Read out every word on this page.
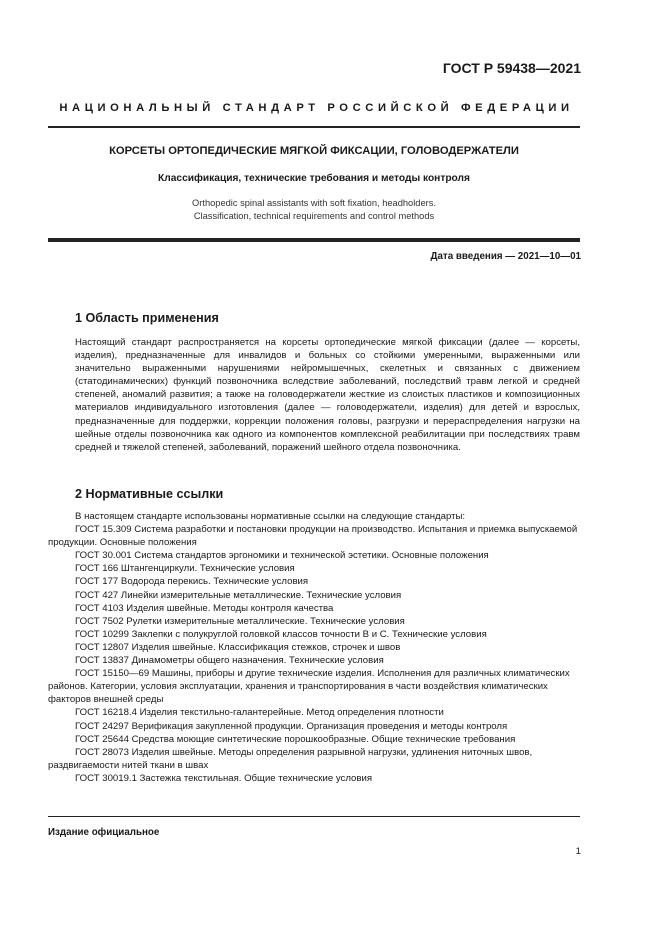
ГОСТ Р 59438—2021
НАЦИОНАЛЬНЫЙ СТАНДАРТ РОССИЙСКОЙ ФЕДЕРАЦИИ
КОРСЕТЫ ОРТОПЕДИЧЕСКИЕ МЯГКОЙ ФИКСАЦИИ, ГОЛОВОДЕРЖАТЕЛИ
Классификация, технические требования и методы контроля
Orthopedic spinal assistants with soft fixation, headholders.
Classification, technical requirements and control methods
Дата введения — 2021—10—01
1 Область применения
Настоящий стандарт распространяется на корсеты ортопедические мягкой фиксации (далее — корсеты, изделия), предназначенные для инвалидов и больных со стойкими умеренными, выраженными или значительно выраженными нарушениями нейромышечных, скелетных и связанных с движением (статодинамических) функций позвоночника вследствие заболеваний, последствий травм легкой и средней степеней, аномалий развития; а также на головодержатели жесткие из слоистых пластиков и композиционных материалов индивидуального изготовления (далее — головодержатели, изделия) для детей и взрослых, предназначенные для поддержки, коррекции положения головы, разгрузки и перераспределения нагрузки на шейные отделы позвоночника как одного из компонентов комплексной реабилитации при последствиях травм средней и тяжелой степеней, заболеваний, поражений шейного отдела позвоночника.
2 Нормативные ссылки
В настоящем стандарте использованы нормативные ссылки на следующие стандарты:
ГОСТ 15.309 Система разработки и постановки продукции на производство. Испытания и приемка выпускаемой продукции. Основные положения
ГОСТ 30.001 Система стандартов эргономики и технической эстетики. Основные положения
ГОСТ 166 Штангенциркули. Технические условия
ГОСТ 177 Водорода перекись. Технические условия
ГОСТ 427 Линейки измерительные металлические. Технические условия
ГОСТ 4103 Изделия швейные. Методы контроля качества
ГОСТ 7502 Рулетки измерительные металлические. Технические условия
ГОСТ 10299 Заклепки с полукруглой головкой классов точности В и С. Технические условия
ГОСТ 12807 Изделия швейные. Классификация стежков, строчек и швов
ГОСТ 13837 Динамометры общего назначения. Технические условия
ГОСТ 15150—69 Машины, приборы и другие технические изделия. Исполнения для различных климатических районов. Категории, условия эксплуатации, хранения и транспортирования в части воздействия климатических факторов внешней среды
ГОСТ 16218.4 Изделия текстильно-галантерейные. Метод определения плотности
ГОСТ 24297 Верификация закупленной продукции. Организация проведения и методы контроля
ГОСТ 25644 Средства моющие синтетические порошкообразные. Общие технические требования
ГОСТ 28073 Изделия швейные. Методы определения разрывной нагрузки, удлинения ниточных швов, раздвигаемости нитей ткани в швах
ГОСТ 30019.1 Застежка текстильная. Общие технические условия
Издание официальное
1
